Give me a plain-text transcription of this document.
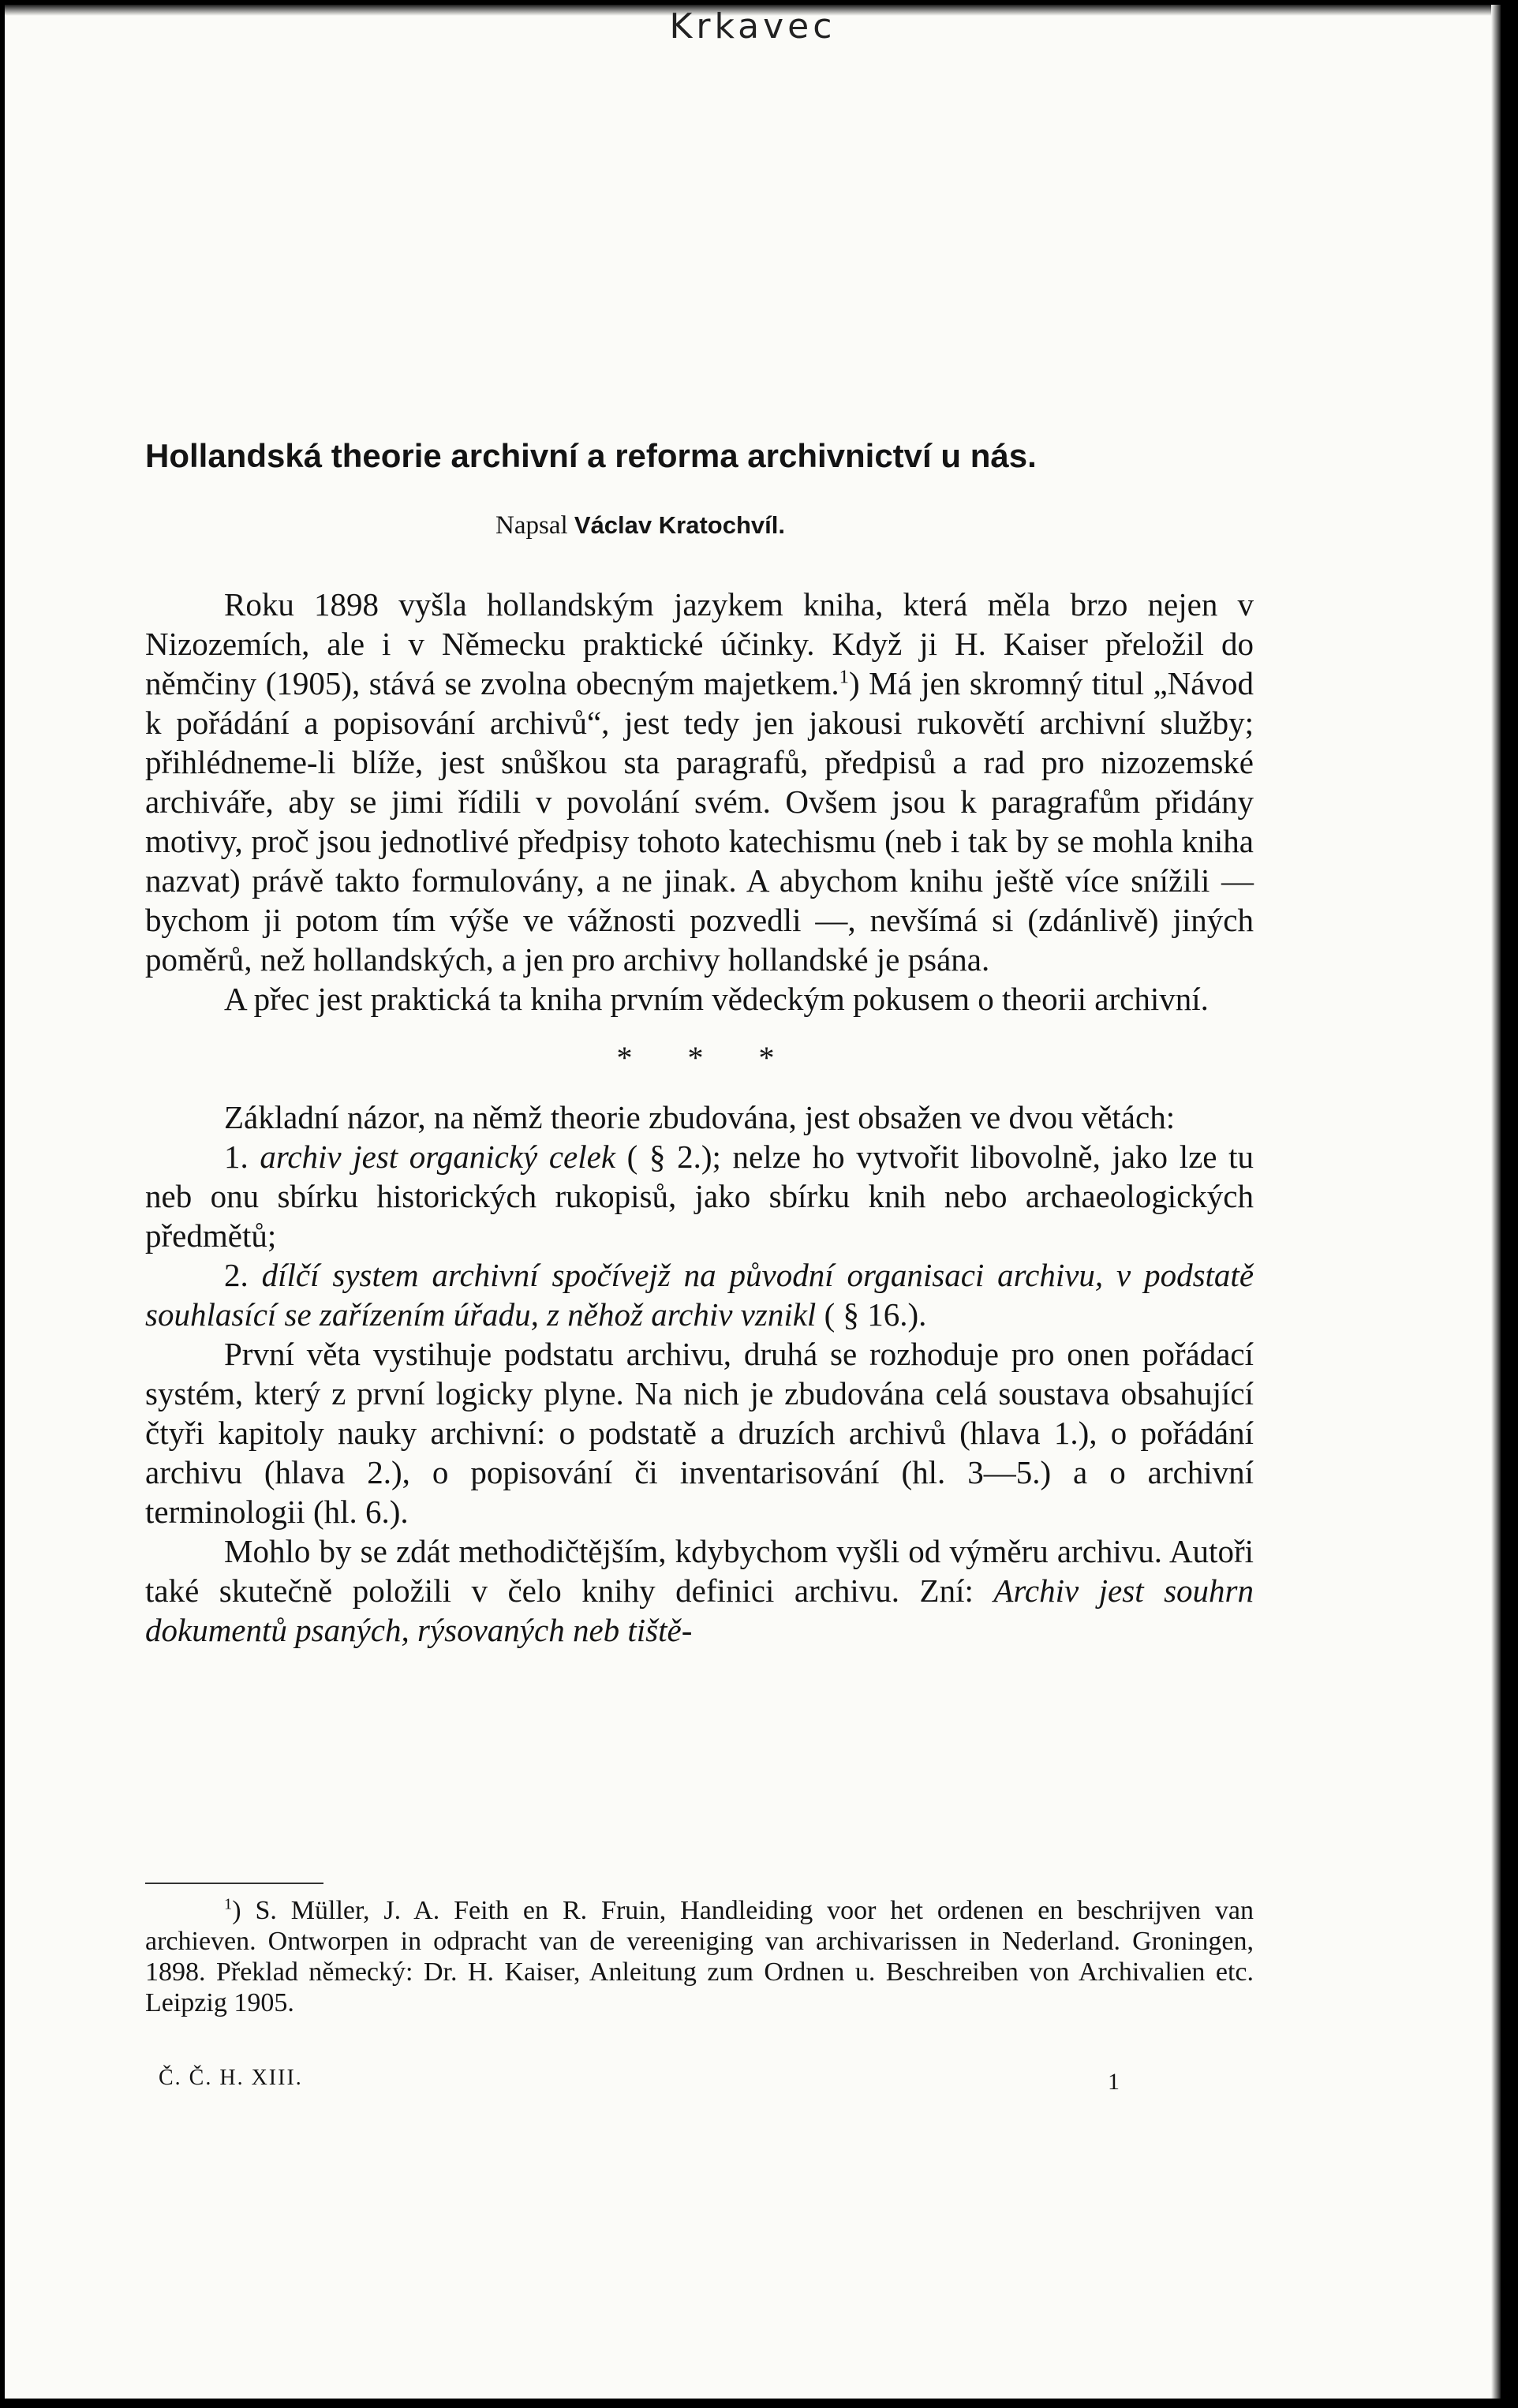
Krkavec
Hollandská theorie archivní a reforma archivnictví u nás.
Napsal Václav Kratochvíl.

Roku 1898 vyšla hollandským jazykem kniha, která měla brzo nejen v Nizozemích, ale i v Německu praktické účinky. Když ji H. Kaiser přeložil do němčiny (1905), stává se zvolna obecným majetkem.$^1$) Má jen skromný titul „Návod k pořádání a popisování archivů“, jest tedy jen jakousi rukovětí archivní služby; přihlédneme-li blíže, jest snůškou sta paragrafů, předpisů a rad pro nizozemské archiváře, aby se jimi řídili v povolání svém. Ovšem jsou k paragrafům přidány motivy, proč jsou jednotlivé předpisy tohoto katechismu (neb i tak by se mohla kniha nazvat) právě takto formulovány, a ne jinak. A abychom knihu ještě více snížili — bychom ji potom tím výše ve vážnosti pozvedli —, nevšímá si (zdánlivě) jiných poměrů, než hollandských, a jen pro archivy hollandské je psána.

A přec jest praktická ta kniha prvním vědeckým pokusem o theorii archivní.

* * *

Základní názor, na němž theorie zbudována, jest obsažen ve dvou větách:

1. archiv jest organický celek ( § 2.); nelze ho vytvořit libovolně, jako lze tu neb onu sbírku historických rukopisů, jako sbírku knih nebo archaeologických předmětů;

2. dílčí system archivní spočívejž na původní organisaci archivu, v podstatě souhlasící se zařízením úřadu, z něhož archiv vznikl ( § 16.).

První věta vystihuje podstatu archivu, druhá se rozhoduje pro onen pořádací systém, který z první logicky plyne. Na nich je zbudována celá soustava obsahující čtyři kapitoly nauky archivní: o podstatě a druzích archivů (hlava 1.), o pořádání archivu (hlava 2.), o popisování či inventarisování (hl. 3—5.) a o archivní terminologii (hl. 6.).

Mohlo by se zdát methodičtějším, kdybychom vyšli od výměru archivu. Autoři také skutečně položili v čelo knihy definici archivu. Zní: Archiv jest souhrn dokumentů psaných, rýsovaných neb tiště-

$^1$) S. Müller, J. A. Feith en R. Fruin, Handleiding voor het ordenen en beschrijven van archieven. Ontworpen in odpracht van de vereeniging van archivarissen in Nederland. Groningen, 1898. Překlad německý: Dr. H. Kaiser, Anleitung zum Ordnen u. Beschreiben von Archivalien etc. Leipzig 1905.

Č. Č. H. XIII.	1
